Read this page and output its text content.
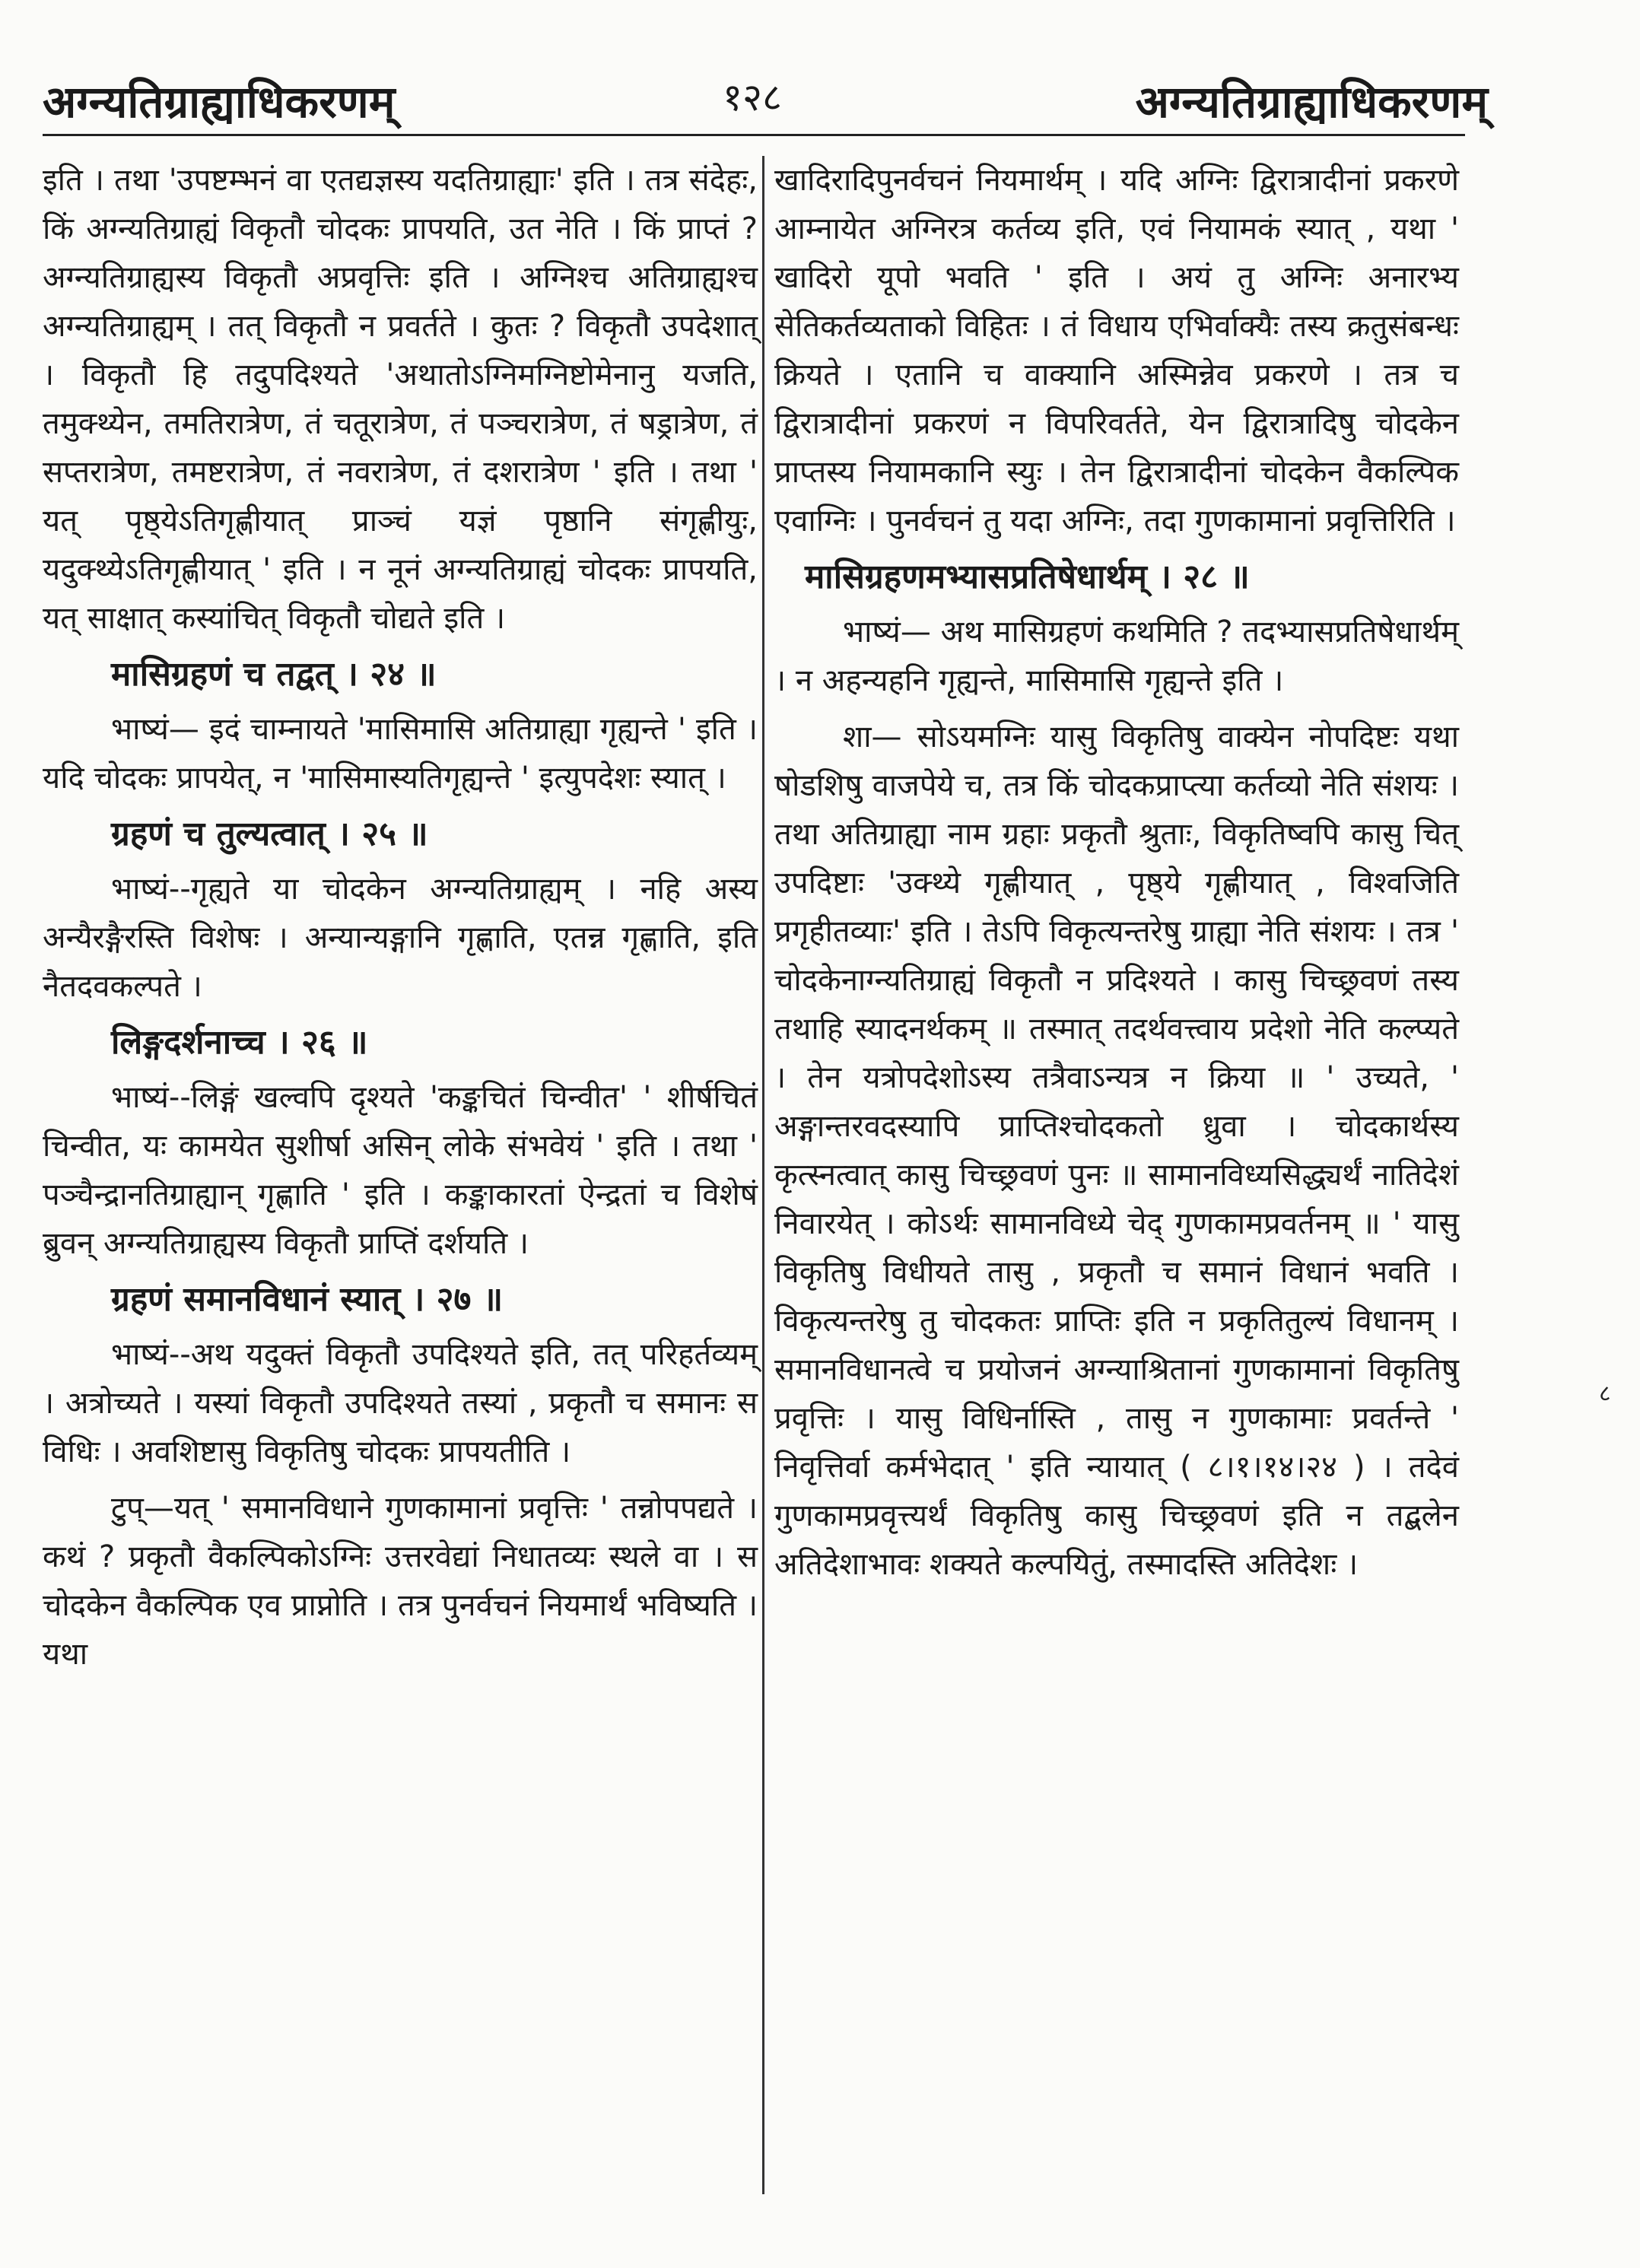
अग्न्यतिग्राह्याधिकरणम्	१२८	अग्न्यतिग्राह्याधिकरणम्

इति । तथा 'उपष्टम्भनं वा एतद्यज्ञस्य यदतिग्राह्याः' इति । तत्र संदेहः, किं अग्न्यतिग्राह्यं विकृतौ चोदकः प्रापयति, उत नेति । किं प्राप्तं ? अग्न्यतिग्राह्यस्य विकृतौ अप्रवृत्तिः इति । अग्निश्च अतिग्राह्यश्च अग्न्यतिग्राह्यम् । तत् विकृतौ न प्रवर्तते । कुतः ? विकृतौ उपदेशात् । विकृतौ हि तदुपदिश्यते 'अथातोऽग्निमग्निष्टोमेनानु यजति, तमुक्थ्येन, तमतिरात्रेण, तं चतूरात्रेण, तं पञ्चरात्रेण, तं षड्रात्रेण, तं सप्तरात्रेण, तमष्टरात्रेण, तं नवरात्रेण, तं दशरात्रेण ' इति । तथा ' यत् पृष्ठ्येऽतिगृह्णीयात् प्राञ्चं यज्ञं पृष्ठानि संगृह्णीयुः, यदुक्थ्येऽतिगृह्णीयात् ' इति । न नूनं अग्न्यतिग्राह्यं चोदकः प्रापयति, यत् साक्षात् कस्यांचित् विकृतौ चोद्यते इति ।

मासिग्रहणं च तद्वत् । २४ ॥

भाष्यं— इदं चाम्नायते 'मासिमासि अतिग्राह्या गृह्यन्ते ' इति । यदि चोदकः प्रापयेत्, न 'मासिमास्यतिगृह्यन्ते ' इत्युपदेशः स्यात् ।

ग्रहणं च तुल्यत्वात् । २५ ॥

भाष्यं--गृह्यते या चोदकेन अग्न्यतिग्राह्यम् । नहि अस्य अन्यैरङ्गैरस्ति विशेषः । अन्यान्यङ्गानि गृह्णाति, एतन्न गृह्णाति, इति नैतदवकल्पते ।

लिङ्गदर्शनाच्च । २६ ॥

भाष्यं--लिङ्गं खल्वपि दृश्यते 'कङ्कचितं चिन्वीत' ' शीर्षचितं चिन्वीत, यः कामयेत सुशीर्षा असिन् लोके संभवेयं ' इति । तथा ' पञ्चैन्द्रानतिग्राह्यान् गृह्णाति ' इति । कङ्काकारतां ऐन्द्रतां च विशेषं ब्रुवन् अग्न्यतिग्राह्यस्य विकृतौ प्राप्तिं दर्शयति ।

ग्रहणं समानविधानं स्यात् । २७ ॥

भाष्यं--अथ यदुक्तं विकृतौ उपदिश्यते इति, तत् परिहर्तव्यम् । अत्रोच्यते । यस्यां विकृतौ उपदिश्यते तस्यां , प्रकृतौ च समानः स विधिः । अवशिष्टासु विकृतिषु चोदकः प्रापयतीति ।

टुप्—यत् ' समानविधाने गुणकामानां प्रवृत्तिः ' तन्नोपपद्यते । कथं ? प्रकृतौ वैकल्पिकोऽग्निः उत्तरवेद्यां निधातव्यः स्थले वा । स चोदकेन वैकल्पिक एव प्राप्नोति । तत्र पुनर्वचनं नियमार्थं भविष्यति । यथा

खादिरादिपुनर्वचनं नियमार्थम् । यदि अग्निः द्विरात्रादीनां प्रकरणे आम्नायेत अग्निरत्र कर्तव्य इति, एवं नियामकं स्यात् , यथा ' खादिरो यूपो भवति ' इति । अयं तु अग्निः अनारभ्य सेतिकर्तव्यताको विहितः । तं विधाय एभिर्वाक्यैः तस्य क्रतुसंबन्धः क्रियते । एतानि च वाक्यानि अस्मिन्नेव प्रकरणे । तत्र च द्विरात्रादीनां प्रकरणं न विपरिवर्तते, येन द्विरात्रादिषु चोदकेन प्राप्तस्य नियामकानि स्युः । तेन द्विरात्रादीनां चोदकेन वैकल्पिक एवाग्निः । पुनर्वचनं तु यदा अग्निः, तदा गुणकामानां प्रवृत्तिरिति ।

मासिग्रहणमभ्यासप्रतिषेधार्थम् । २८ ॥

भाष्यं— अथ मासिग्रहणं कथमिति ? तदभ्यासप्रतिषेधार्थम् । न अहन्यहनि गृह्यन्ते, मासिमासि गृह्यन्ते इति ।

शा— सोऽयमग्निः यासु विकृतिषु वाक्येन नोपदिष्टः यथा षोडशिषु वाजपेये च, तत्र किं चोदकप्राप्त्या कर्तव्यो नेति संशयः । तथा अतिग्राह्या नाम ग्रहाः प्रकृतौ श्रुताः, विकृतिष्वपि कासु चित् उपदिष्टाः 'उक्थ्ये गृह्णीयात् , पृष्ठ्ये गृह्णीयात् , विश्वजिति प्रगृहीतव्याः' इति । तेऽपि विकृत्यन्तरेषु ग्राह्या नेति संशयः । तत्र ' चोदकेनाग्न्यतिग्राह्यं विकृतौ न प्रदिश्यते । कासु चिच्छ्रवणं तस्य तथाहि स्यादनर्थकम् ॥ तस्मात् तदर्थवत्त्वाय प्रदेशो नेति कल्प्यते । तेन यत्रोपदेशोऽस्य तत्रैवाऽन्यत्र न क्रिया ॥ ' उच्यते, ' अङ्गान्तरवदस्यापि प्राप्तिश्चोदकतो ध्रुवा । चोदकार्थस्य कृत्स्नत्वात् कासु चिच्छ्रवणं पुनः ॥ सामानविध्यसिद्ध्यर्थं नातिदेशं निवारयेत् । कोऽर्थः सामानविध्ये चेद् गुणकामप्रवर्तनम् ॥ ' यासु विकृतिषु विधीयते तासु , प्रकृतौ च समानं विधानं भवति । विकृत्यन्तरेषु तु चोदकतः प्राप्तिः इति न प्रकृतितुल्यं विधानम् । समानविधानत्वे च प्रयोजनं अग्न्याश्रितानां गुणकामानां विकृतिषु प्रवृत्तिः । यासु विधिर्नास्ति , तासु न गुणकामाः प्रवर्तन्ते ' निवृत्तिर्वा कर्मभेदात् ' इति न्यायात् ( ८।१।१४।२४ ) । तदेवं गुणकामप्रवृत्त्यर्थं विकृतिषु कासु चिच्छ्रवणं इति न तद्बलेन अतिदेशाभावः शक्यते कल्पयितुं, तस्मादस्ति अतिदेशः ।

८
